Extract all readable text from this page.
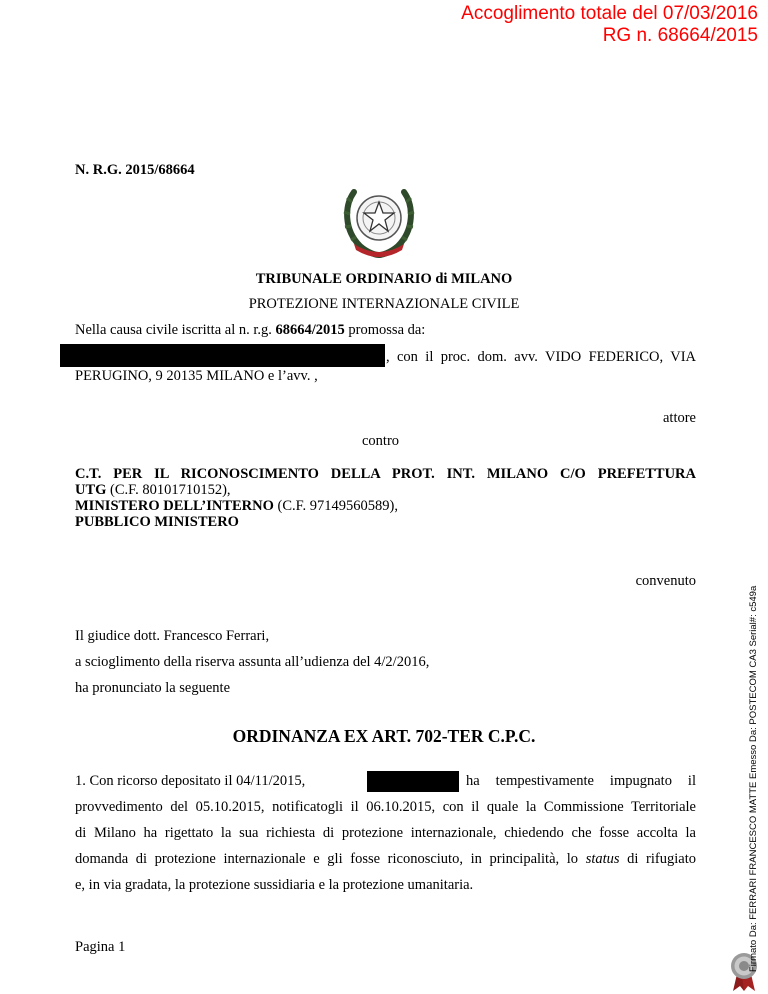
Accoglimento totale del 07/03/2016
RG n. 68664/2015
N. R.G. 2015/68664
TRIBUNALE ORDINARIO di MILANO
PROTEZIONE INTERNAZIONALE CIVILE
Nella causa civile iscritta al n. r.g. 68664/2015 promossa da:
, con il proc. dom. avv. VIDO FEDERICO, VIA
PERUGINO, 9 20135 MILANO e l’avv. ,
attore
contro
C.T. PER IL RICONOSCIMENTO DELLA PROT. INT. MILANO C/O PREFETTURA
UTG (C.F. 80101710152),
MINISTERO DELL’INTERNO (C.F. 97149560589),
PUBBLICO MINISTERO
convenuto
Il giudice dott. Francesco Ferrari,
a scioglimento della riserva assunta all’udienza del 4/2/2016,
ha pronunciato la seguente
ORDINANZA EX ART. 702-TER C.P.C.
1. Con ricorso depositato il 04/11/2015,	ha tempestivamente impugnato il
provvedimento del 05.10.2015, notificatogli il 06.10.2015, con il quale la Commissione Territoriale
di Milano ha rigettato la sua richiesta di protezione internazionale, chiedendo che fosse accolta la
domanda di protezione internazionale e gli fosse riconosciuto, in principalità, lo status di rifugiato
e, in via gradata, la protezione sussidiaria e la protezione umanitaria.
Pagina 1	Firmato Da: FERRARI FRANCESCO MATTE Emesso Da: POSTECOM CA3 Serial#: c549a
